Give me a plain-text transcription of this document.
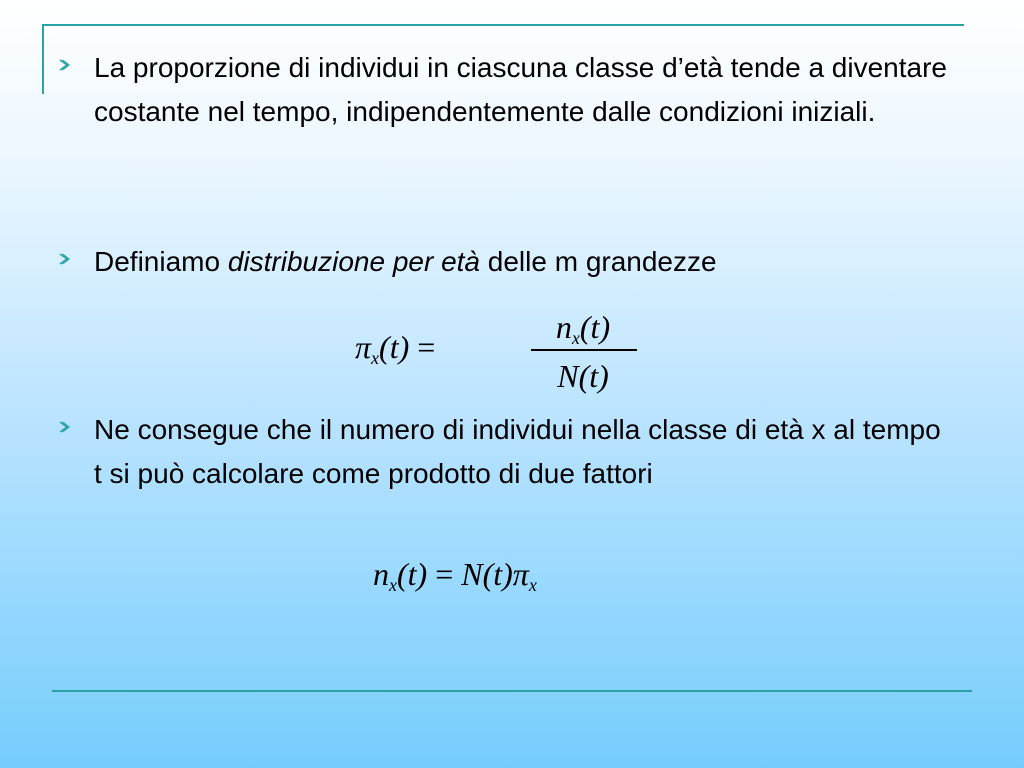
La proporzione di individui in ciascuna classe d’età tende a diventare costante nel tempo, indipendentemente dalle condizioni iniziali.
Definiamo distribuzione per età delle m grandezze
$\pi_x(t)$ =
$n_x(t)$
N(t)
Ne consegue che il numero di individui nella classe di età x al tempo t si può calcolare come prodotto di due fattori
$n_x(t) = N(t)\pi_x$
